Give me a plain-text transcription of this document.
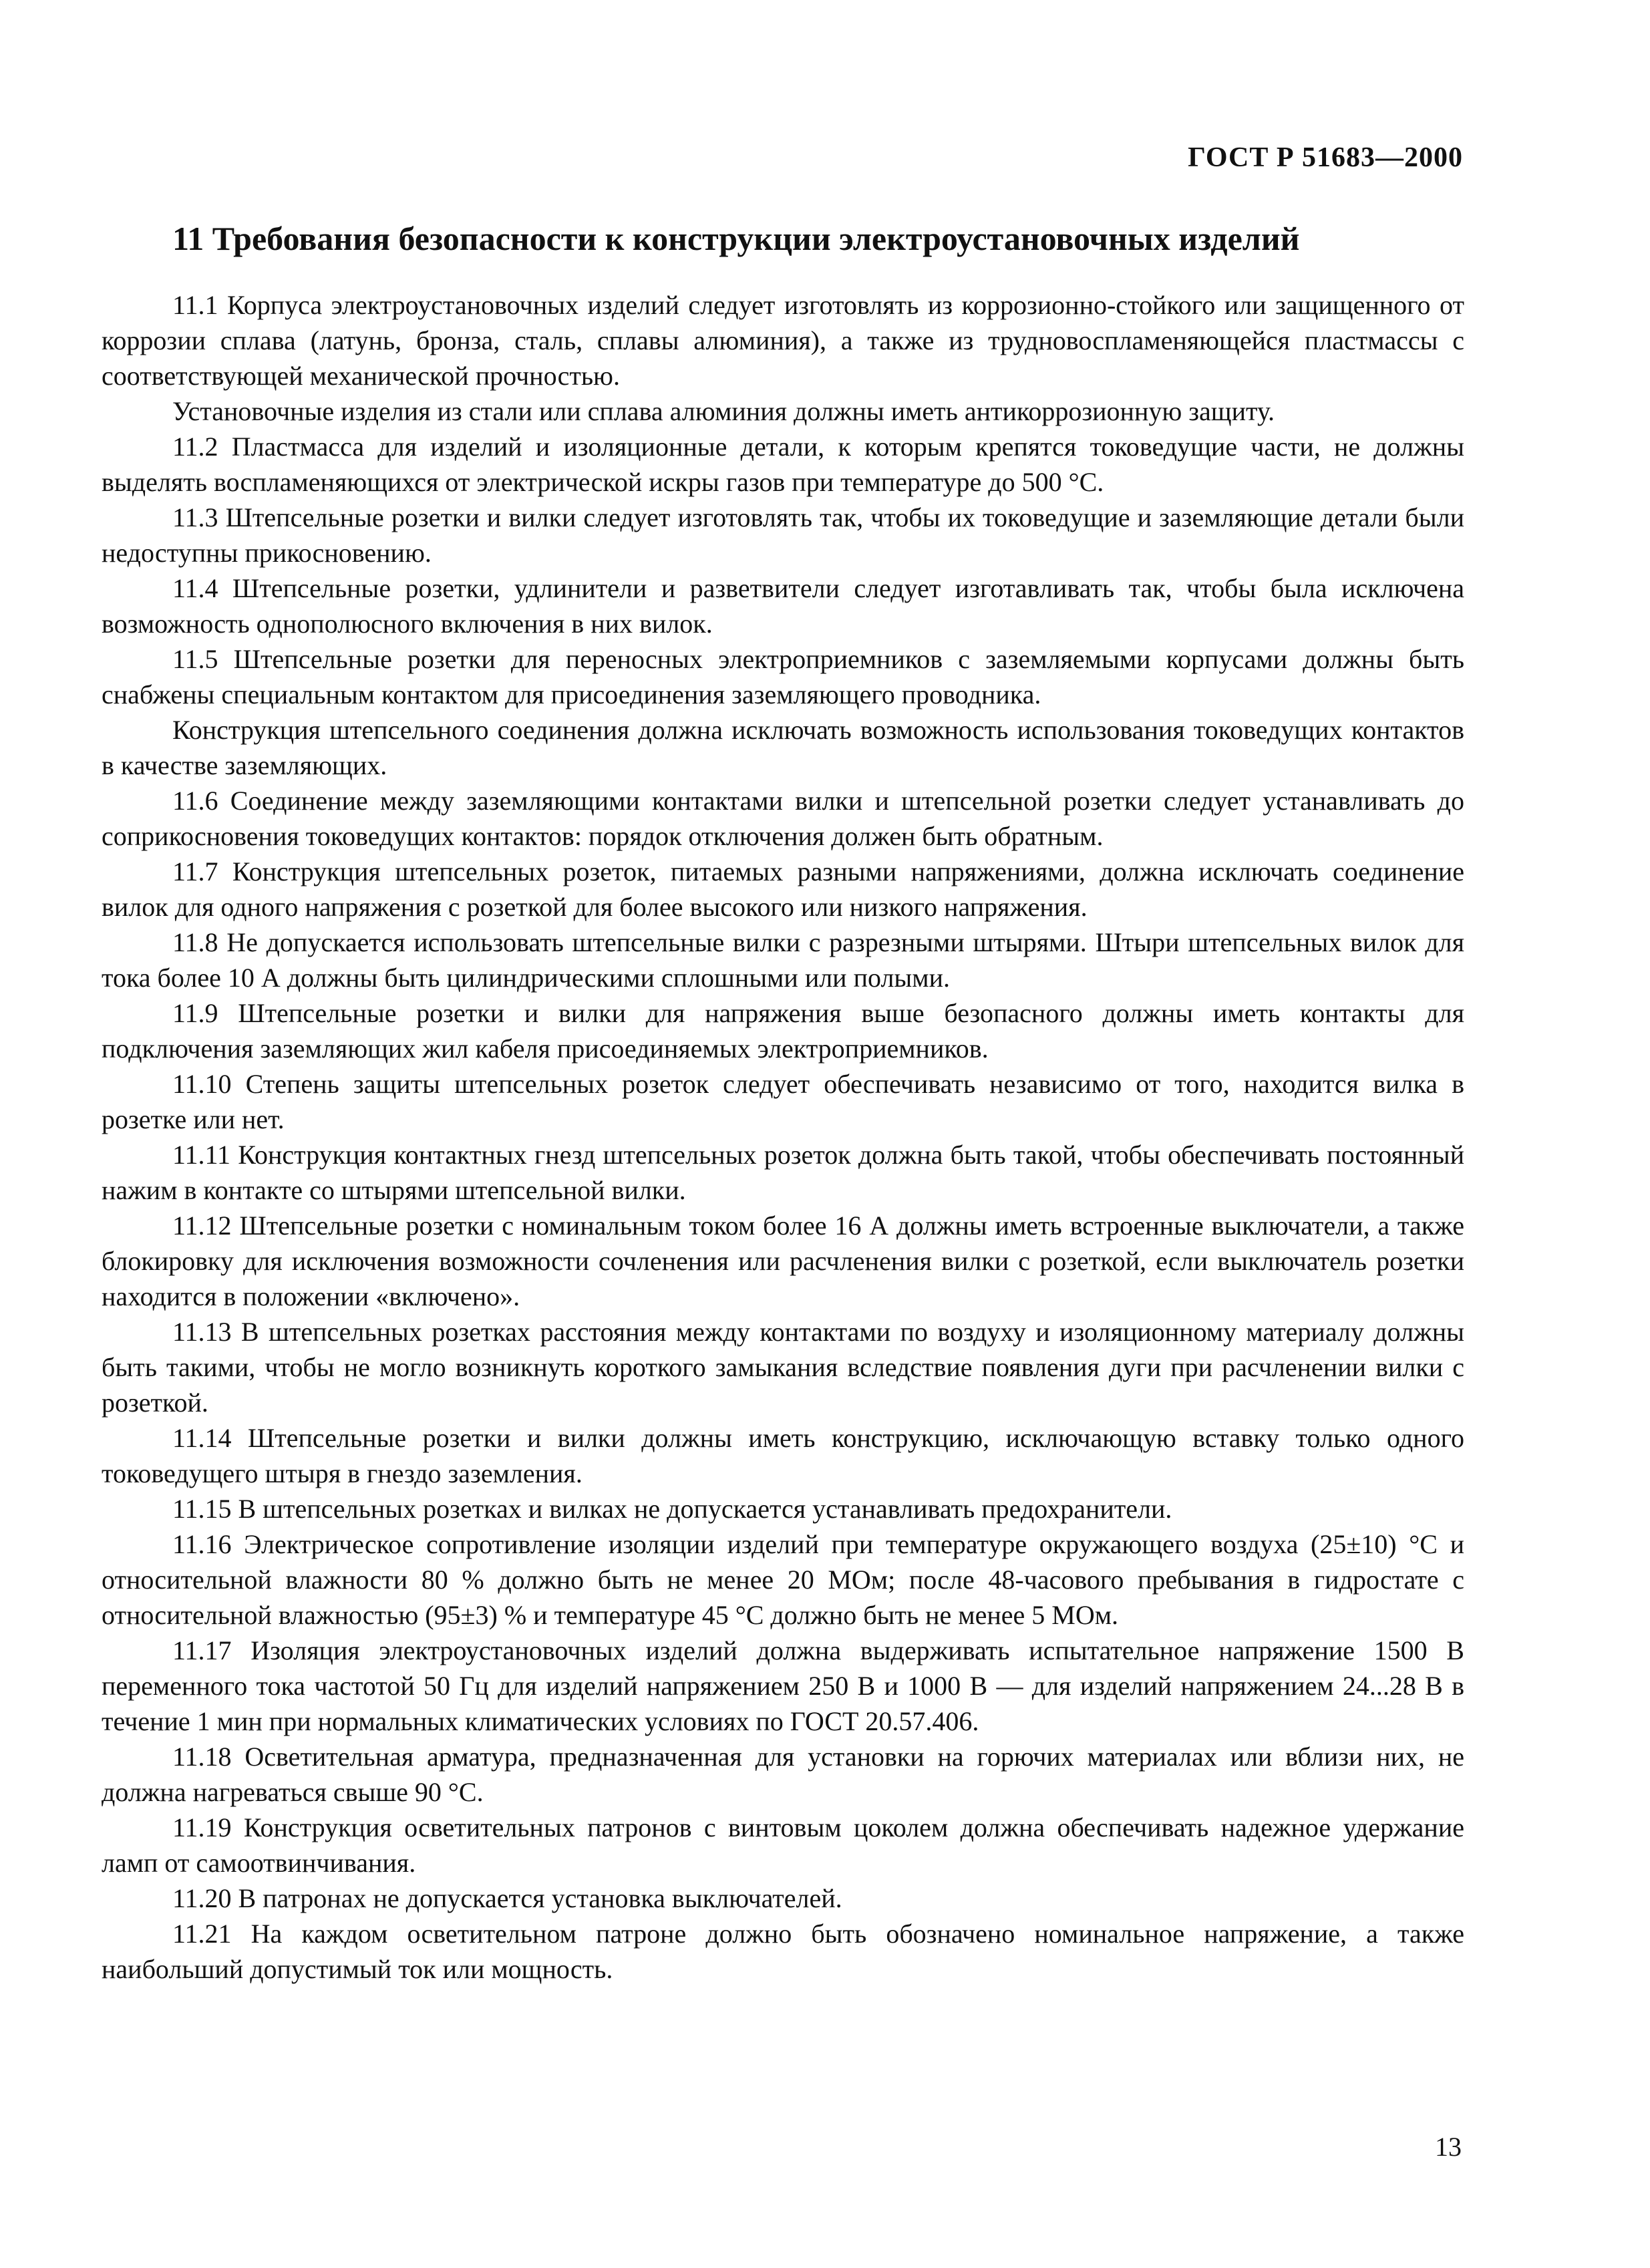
ГОСТ Р 51683—2000
11 Требования безопасности к конструкции электроустановочных изделий

11.1 Корпуса электроустановочных изделий следует изготовлять из коррозионно-стойкого или защищенного от коррозии сплава (латунь, бронза, сталь, сплавы алюминия), а также из трудновоспламеняющейся пластмассы с соответствующей механической прочностью.

Установочные изделия из стали или сплава алюминия должны иметь антикоррозионную защиту.

11.2 Пластмасса для изделий и изоляционные детали, к которым крепятся токоведущие части, не должны выделять воспламеняющихся от электрической искры газов при температуре до 500 °С.

11.3 Штепсельные розетки и вилки следует изготовлять так, чтобы их токоведущие и заземляющие детали были недоступны прикосновению.

11.4 Штепсельные розетки, удлинители и разветвители следует изготавливать так, чтобы была исключена возможность однополюсного включения в них вилок.

11.5 Штепсельные розетки для переносных электроприемников с заземляемыми корпусами должны быть снабжены специальным контактом для присоединения заземляющего проводника.

Конструкция штепсельного соединения должна исключать возможность использования токоведущих контактов в качестве заземляющих.

11.6 Соединение между заземляющими контактами вилки и штепсельной розетки следует устанавливать до соприкосновения токоведущих контактов: порядок отключения должен быть обратным.

11.7 Конструкция штепсельных розеток, питаемых разными напряжениями, должна исключать соединение вилок для одного напряжения с розеткой для более высокого или низкого напряжения.

11.8 Не допускается использовать штепсельные вилки с разрезными штырями. Штыри штепсельных вилок для тока более 10 А должны быть цилиндрическими сплошными или полыми.

11.9 Штепсельные розетки и вилки для напряжения выше безопасного должны иметь контакты для подключения заземляющих жил кабеля присоединяемых электроприемников.

11.10 Степень защиты штепсельных розеток следует обеспечивать независимо от того, находится вилка в розетке или нет.

11.11 Конструкция контактных гнезд штепсельных розеток должна быть такой, чтобы обеспечивать постоянный нажим в контакте со штырями штепсельной вилки.

11.12 Штепсельные розетки с номинальным током более 16 А должны иметь встроенные выключатели, а также блокировку для исключения возможности сочленения или расчленения вилки с розеткой, если выключатель розетки находится в положении «включено».

11.13 В штепсельных розетках расстояния между контактами по воздуху и изоляционному материалу должны быть такими, чтобы не могло возникнуть короткого замыкания вследствие появления дуги при расчленении вилки с розеткой.

11.14 Штепсельные розетки и вилки должны иметь конструкцию, исключающую вставку только одного токоведущего штыря в гнездо заземления.

11.15 В штепсельных розетках и вилках не допускается устанавливать предохранители.

11.16 Электрическое сопротивление изоляции изделий при температуре окружающего воздуха (25±10) °С и относительной влажности 80 % должно быть не менее 20 МОм; после 48-часового пребывания в гидростате с относительной влажностью (95±3) % и температуре 45 °С должно быть не менее 5 МОм.

11.17 Изоляция электроустановочных изделий должна выдерживать испытательное напряжение 1500 В переменного тока частотой 50 Гц для изделий напряжением 250 В и 1000 В — для изделий напряжением 24...28 В в течение 1 мин при нормальных климатических условиях по ГОСТ 20.57.406.

11.18 Осветительная арматура, предназначенная для установки на горючих материалах или вблизи них, не должна нагреваться свыше 90 °С.

11.19 Конструкция осветительных патронов с винтовым цоколем должна обеспечивать надежное удержание ламп от самоотвинчивания.

11.20 В патронах не допускается установка выключателей.

11.21 На каждом осветительном патроне должно быть обозначено номинальное напряжение, а также наибольший допустимый ток или мощность.

13
